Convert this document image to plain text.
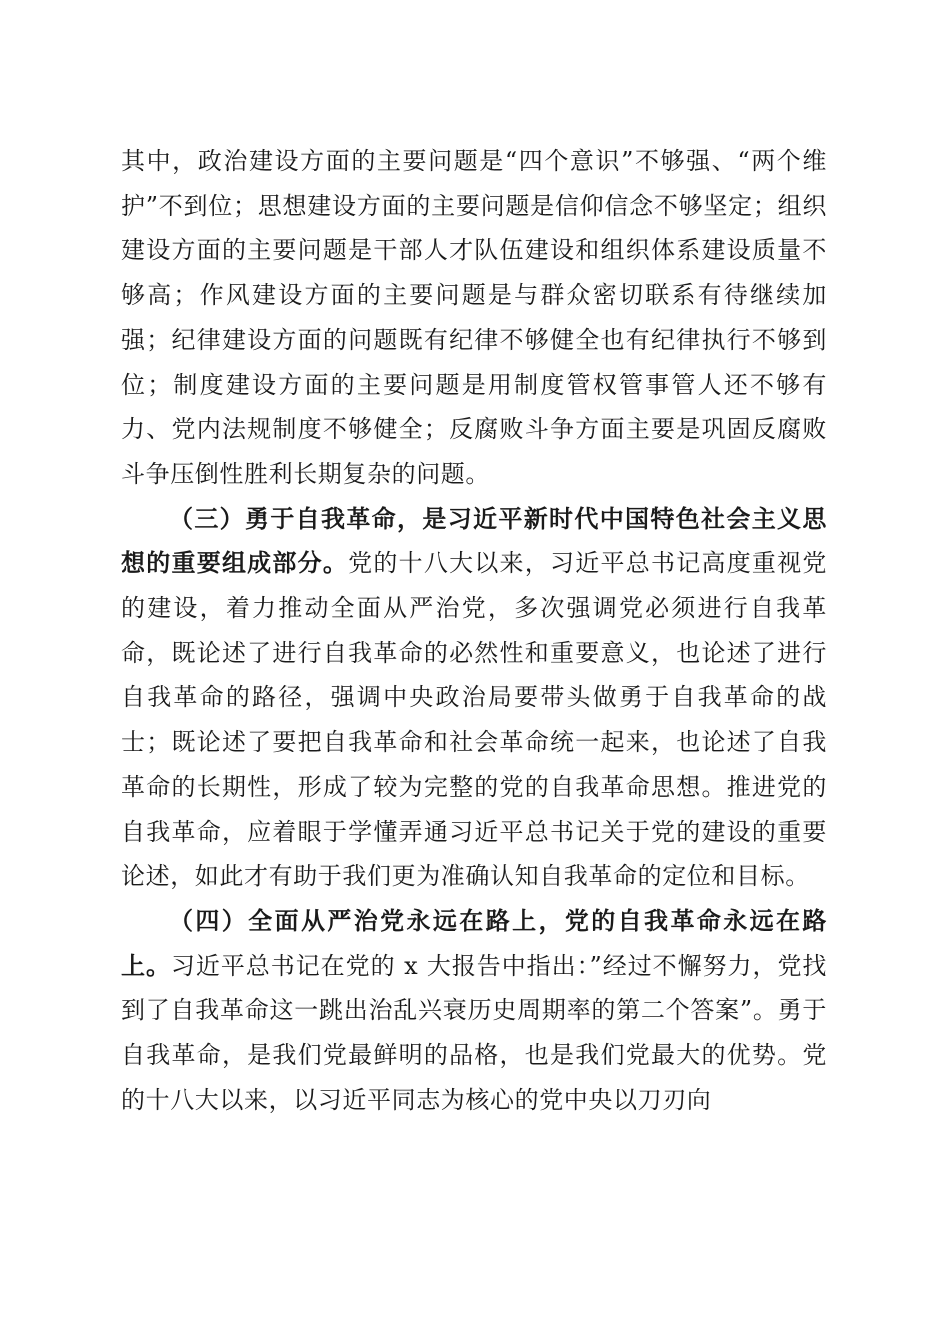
其中，政治建设方面的主要问题是“四个意识”不够强、“两个维护”不到位；思想建设方面的主要问题是信仰信念不够坚定；组织建设方面的主要问题是干部人才队伍建设和组织体系建设质量不够高；作风建设方面的主要问题是与群众密切联系有待继续加强；纪律建设方面的问题既有纪律不够健全也有纪律执行不够到位；制度建设方面的主要问题是用制度管权管事管人还不够有力、党内法规制度不够健全；反腐败斗争方面主要是巩固反腐败斗争压倒性胜利长期复杂的问题。

（三）勇于自我革命，是习近平新时代中国特色社会主义思想的重要组成部分。党的十八大以来，习近平总书记高度重视党的建设，着力推动全面从严治党，多次强调党必须进行自我革命，既论述了进行自我革命的必然性和重要意义，也论述了进行自我革命的路径，强调中央政治局要带头做勇于自我革命的战士；既论述了要把自我革命和社会革命统一起来，也论述了自我革命的长期性，形成了较为完整的党的自我革命思想。推进党的自我革命，应着眼于学懂弄通习近平总书记关于党的建设的重要论述，如此才有助于我们更为准确认知自我革命的定位和目标。

（四）全面从严治党永远在路上，党的自我革命永远在路上。习近平总书记在党的 x 大报告中指出：”经过不懈努力，党找到了自我革命这一跳出治乱兴衰历史周期率的第二个答案”。勇于自我革命，是我们党最鲜明的品格，也是我们党最大的优势。党的十八大以来，以习近平同志为核心的党中央以刀刃向
